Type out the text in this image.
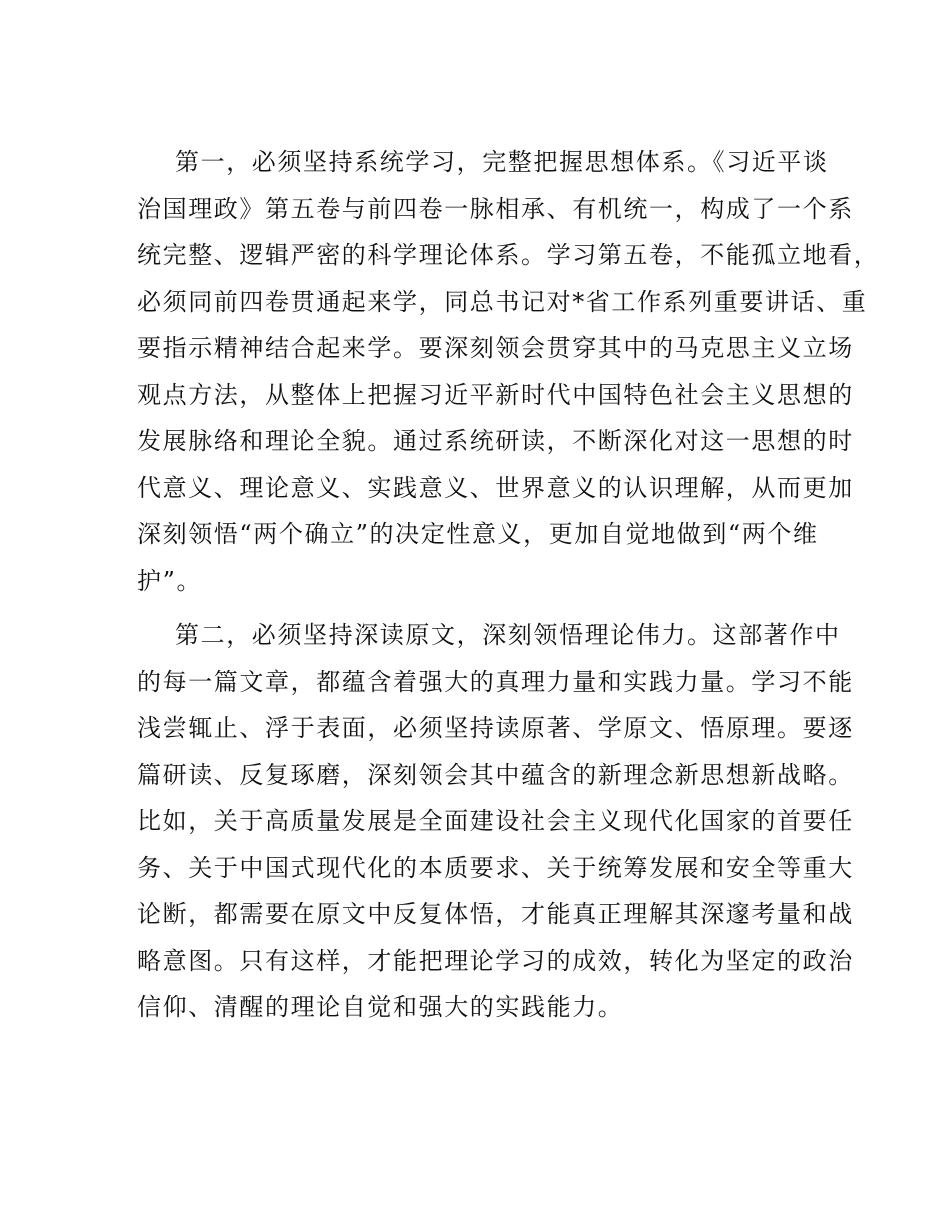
第一，必须坚持系统学习，完整把握思想体系。《习近平谈
治国理政》第五卷与前四卷一脉相承、有机统一，构成了一个系
统完整、逻辑严密的科学理论体系。学习第五卷，不能孤立地看，
必须同前四卷贯通起来学，同总书记对*省工作系列重要讲话、重
要指示精神结合起来学。要深刻领会贯穿其中的马克思主义立场
观点方法，从整体上把握习近平新时代中国特色社会主义思想的
发展脉络和理论全貌。通过系统研读，不断深化对这一思想的时
代意义、理论意义、实践意义、世界意义的认识理解，从而更加
深刻领悟“两个确立”的决定性意义，更加自觉地做到“两个维
护”。

第二，必须坚持深读原文，深刻领悟理论伟力。这部著作中
的每一篇文章，都蕴含着强大的真理力量和实践力量。学习不能
浅尝辄止、浮于表面，必须坚持读原著、学原文、悟原理。要逐
篇研读、反复琢磨，深刻领会其中蕴含的新理念新思想新战略。
比如，关于高质量发展是全面建设社会主义现代化国家的首要任
务、关于中国式现代化的本质要求、关于统筹发展和安全等重大
论断，都需要在原文中反复体悟，才能真正理解其深邃考量和战
略意图。只有这样，才能把理论学习的成效，转化为坚定的政治
信仰、清醒的理论自觉和强大的实践能力。
